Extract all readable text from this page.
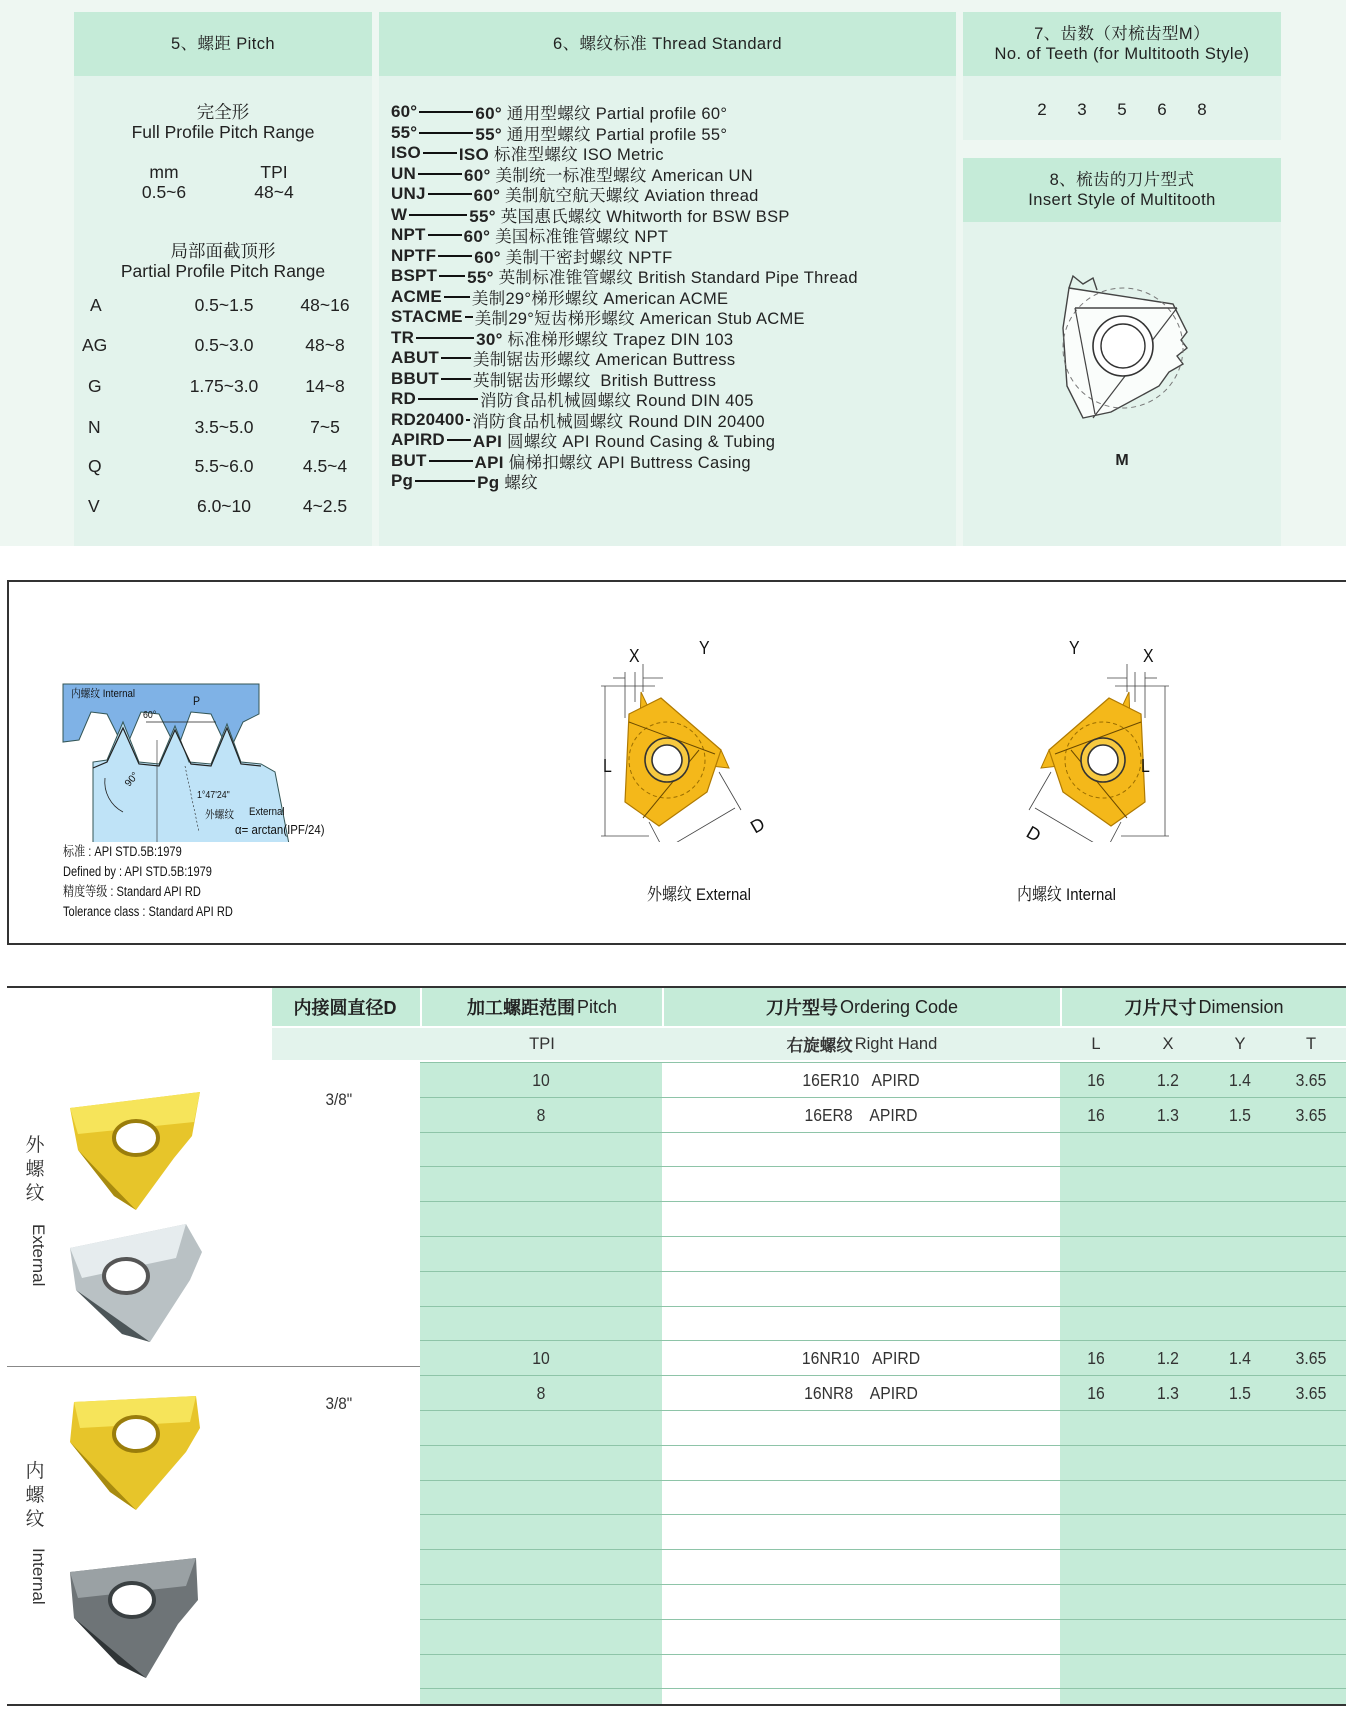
5、螺距 Pitch
完全形
Full Profile Pitch Range
mm	TPI
0.5~6	48~4
局部面截顶形
Partial Profile Pitch Range
A	0.5~1.5	48~16
AG	0.5~3.0	48~8
G	1.75~3.0	14~8
N	3.5~5.0	7~5
Q	5.5~6.0	4.5~4
V	6.0~10	4~2.5
6、螺纹标准 Thread Standard
60°	60° 通用型螺纹 Partial profile 60°
55°	55° 通用型螺纹 Partial profile 55°
ISO ISO 标准型螺纹 ISO Metric
UN	60° 美制统一标准型螺纹 American UN
UNJ	60° 美制航空航天螺纹 Aviation thread
W	55° 英国惠氏螺纹 Whitworth for BSW BSP
NPT 60° 美国标准锥管螺纹 NPT
NPTF 60° 美制干密封螺纹 NPTF
BSPT 55° 英制标准锥管螺纹 British Standard Pipe Thread
ACME 美制29°梯形螺纹 American ACME
STACME 美制29°短齿梯形螺纹 American Stub ACME
TR	30° 标准梯形螺纹 Trapez DIN 103
ABUT 美制锯齿形螺纹 American Buttress
BBUT 英制锯齿形螺纹  British Buttress
RD	消防食品机械圆螺纹 Round DIN 405
RD20400 消防食品机械圆螺纹 Round DIN 20400
APIRD API 圆螺纹 API Round Casing & Tubing
BUT	API 偏梯扣螺纹 API Buttress Casing
Pg	Pg 螺纹
7、齿数（对梳齿型M）
No. of Teeth (for Multitooth Style)
2 3 5 6 8
8、梳齿的刀片型式
Insert Style of Multitooth
M
内螺纹 Internal	P
60°
90°
1°47'24"
外螺纹 External
α= arctan(IPF/24)
标准 : API STD.5B:1979
Defined by : API STD.5B:1979
精度等级 : Standard API RD
Tolerance class : Standard API RD
X	Y
L
D
外螺纹 External
Y	X
L
D
内螺纹 Internal
内接圆直径D	加工螺距范围 Pitch	刀片型号 Ordering Code	刀片尺寸 Dimension
TPI	右旋螺纹 Right Hand	L	X	Y	T
外
螺
纹
External
内
螺
纹
Internal
3/8"
3/8"
10	16ER10   APIRD	16	1.2	1.4	3.65
8	16ER8    APIRD	16	1.3	1.5	3.65
10	16NR10   APIRD	16	1.2	1.4	3.65
8	16NR8    APIRD	16	1.3	1.5	3.65
